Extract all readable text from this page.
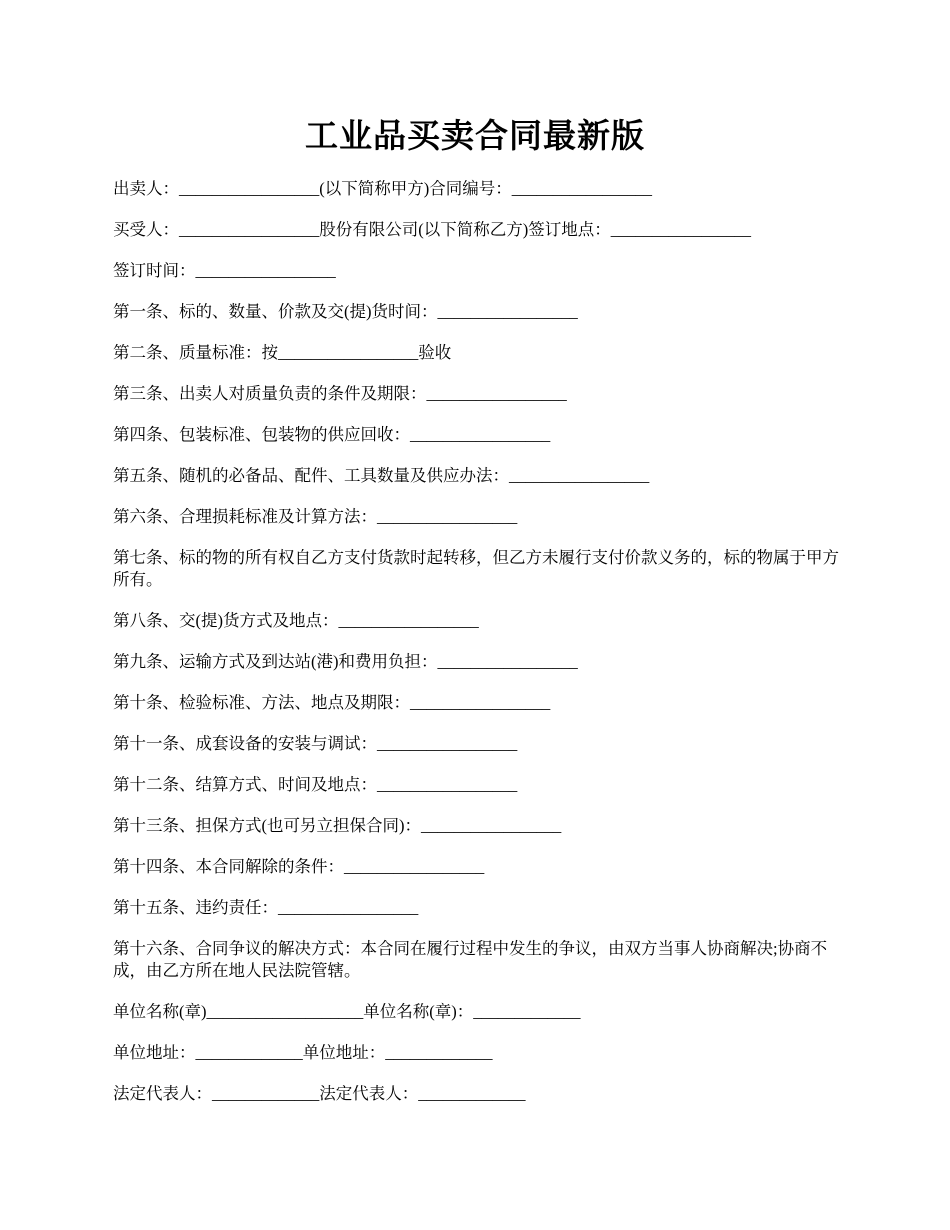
工业品买卖合同最新版

出卖人：_________________(以下简称甲方)合同编号：_________________

买受人：_________________股份有限公司(以下简称乙方)签订地点：_________________

签订时间：_________________

第一条、标的、数量、价款及交(提)货时间：_________________

第二条、质量标准：按_________________验收

第三条、出卖人对质量负责的条件及期限：_________________

第四条、包装标准、包装物的供应回收：_________________

第五条、随机的必备品、配件、工具数量及供应办法：_________________

第六条、合理损耗标准及计算方法：_________________

第七条、标的物的所有权自乙方支付货款时起转移，但乙方未履行支付价款义务的，标的物属于甲方所有。

第八条、交(提)货方式及地点：_________________

第九条、运输方式及到达站(港)和费用负担：_________________

第十条、检验标准、方法、地点及期限：_________________

第十一条、成套设备的安装与调试：_________________

第十二条、结算方式、时间及地点：_________________

第十三条、担保方式(也可另立担保合同)：_________________

第十四条、本合同解除的条件：_________________

第十五条、违约责任：_________________

第十六条、合同争议的解决方式：本合同在履行过程中发生的争议，由双方当事人协商解决;协商不成，由乙方所在地人民法院管辖。

单位名称(章)___________________单位名称(章)：_____________

单位地址：_____________单位地址：_____________

法定代表人：_____________法定代表人：_____________
